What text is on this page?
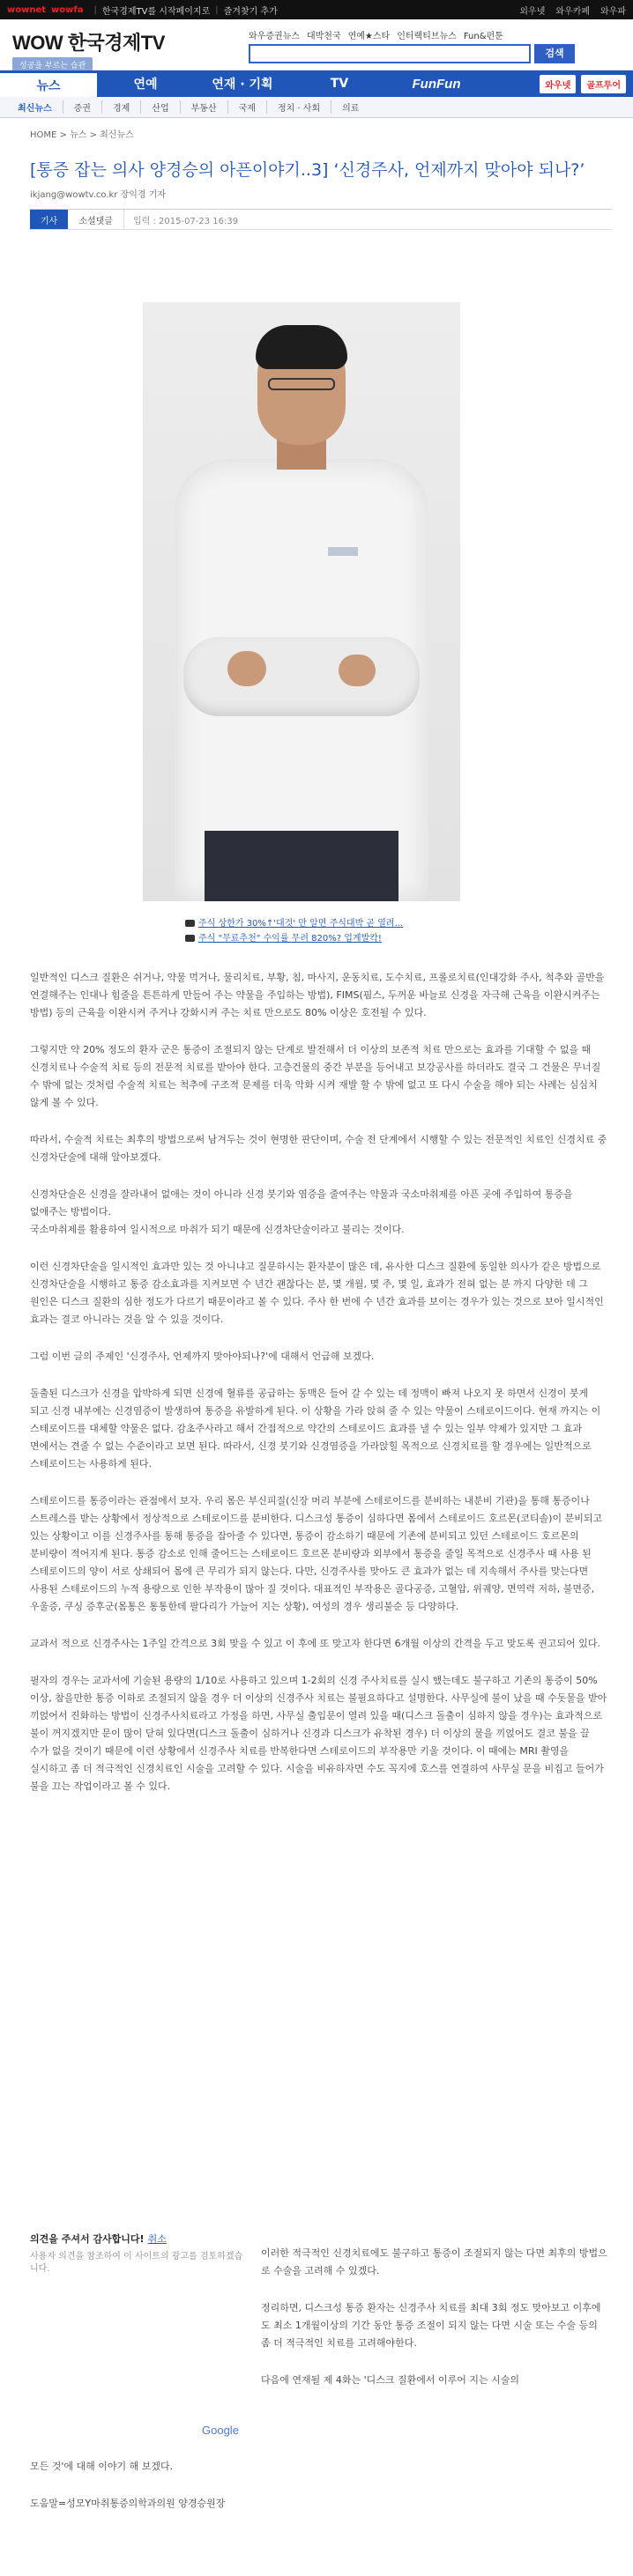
wownet wowfa | 한국경제TV를 시작페이지로 | 즐겨찾기 추가	외우넷 와우카페 와우파
WOW 한국경제TV
성공을 부르는 습관
와우증권뉴스 대박천국 연예★스타 인터랙티브뉴스 Fun&펀툰
검색
뉴스	연예	연재 · 기획	TV	FunFun	와우넷	골프투어
최신뉴스	증권	경제	산업	부동산	국제	정치 · 사회	의료
HOME > 뉴스 > 최신뉴스
[통증 잡는 의사 양경승의 아픈이야기..3] ‘신경주사, 언제까지 맞아야 되나?’
ikjang@wowtv.co.kr 장익경 기자
기사	소셜댓글	입력 : 2015-07-23 16:39
주식 상한가 30%↑'대것' 만 알면 주식대박 곧 열려...
주식 "무료추천" 수익률 무려 820%? 업계발칵!

일반적인 디스크 질환은 쉬거나, 약물 먹거나, 물리치료, 부황, 침, 마사지, 운동치료, 도수치료, 프롤로치료(인대강화 주사, 척추와 골반을 연결해주는 인대나 힘줄을 튼튼하게 만들어 주는 약물을 주입하는 방법), FIMS(핌스, 두꺼운 바늘로 신경을 자극해 근육을 이완시켜주는 방법) 등의 근육을 이완시켜 주거나 강화시켜 주는 치료 만으로도 80% 이상은 호전될 수 있다.

그렇지만 약 20% 정도의 환자 군은 통증이 조절되지 않는 단계로 발전해서 더 이상의 보존적 치료 만으로는 효과를 기대할 수 없을 때 신경치료나 수술적 치료 등의 전문적 치료를 받아야 한다. 고층건물의 중간 부분을 등어내고 보강공사를 하더라도 결국 그 건물은 무너질 수 밖에 없는 것처럼 수술적 치료는 척추에 구조적 문제를 더욱 악화 시켜 재발 할 수 밖에 없고 또 다시 수술을 해야 되는 사례는 심심치 않게 볼 수 있다.

따라서, 수술적 치료는 최후의 방법으로써 남겨두는 것이 현명한 판단이며, 수술 전 단계에서 시행할 수 있는 전문적인 치료인 신경치료 중 신경차단술에 대해 알아보겠다.

신경차단술은 신경을 잘라내어 없애는 것이 아니라 신경 붓기와 염증을 줄여주는 약물과 국소마취제를 아픈 곳에 주입하여 통증을 없애주는 방법이다.
국소마취제를 활용하여 일시적으로 마취가 되기 때문에 신경차단술이라고 불리는 것이다.

이런 신경차단술을 일시적인 효과만 있는 것 아니냐고 질문하시는 환자분이 많은 데, 유사한 디스크 질환에 동일한 의사가 같은 방법으로 신경차단술을 시행하고 통증 감소효과를 지켜보면 수 년간 괜찮다는 분, 몇 개월, 몇 주, 몇 일, 효과가 전혀 없는 분 까지 다양한 데 그 원인은 디스크 질환의 심한 정도가 다르기 때문이라고 볼 수 있다. 주사 한 번에 수 년간 효과를 보이는 경우가 있는 것으로 보아 일시적인 효과는 결코 아니라는 것을 알 수 있을 것이다.

그럼 이번 글의 주제인 '신경주사, 언제까지 맞아야되나?'에 대해서 언급해 보겠다.

돌출된 디스크가 신경을 압박하게 되면 신경에 혈류를 공급하는 동맥은 들어 갈 수 있는 데 정맥이 빠져 나오지 못 하면서 신경이 붓게 되고 신경 내부에는 신경염증이 발생하여 통증을 유발하게 된다. 이 상황을 가라 앉혀 줄 수 있는 약물이 스테로이드이다. 현재 까지는 이 스테로이드를 대체할 약물은 없다. 감초주사라고 해서 간접적으로 약간의 스테로이드 효과를 낼 수 있는 일부 약제가 있지만 그 효과 면에서는 견줄 수 없는 수준이라고 보면 된다. 따라서, 신경 붓기와 신경염증을 가라앉힐 목적으로 신경치료를 할 경우에는 일반적으로 스테로이드는 사용하게 된다.

스테로이드를 통증이라는 관점에서 보자. 우리 몸은 부신피질(신장 머리 부분에 스테로이드를 분비하는 내분비 기관)을 통해 통증이나 스트레스를 받는 상황에서 정상적으로 스테로이드를 분비한다. 디스크성 통증이 심하다면 몸에서 스테로이드 호르몬(코티솔)이 분비되고 있는 상황이고 이를 신경주사를 통해 통증을 잡아줄 수 있다면, 통증이 감소하기 때문에 기존에 분비되고 있던 스테로이드 호르몬의 분비량이 적어지게 된다. 통증 감소로 인해 줄어드는 스테로이드 호르몬 분비량과 외부에서 통증을 줄일 목적으로 신경주사 때 사용 된 스테로이드의 양이 서로 상쇄되어 몸에 큰 무리가 되지 않는다. 다만, 신경주사를 맞아도 큰 효과가 없는 데 지속해서 주사를 맞는다면 사용된 스테로이드의 누적 용량으로 인한 부작용이 많아 질 것이다. 대표적인 부작용은 골다공증, 고혈압, 위궤양, 면역력 저하, 불면증, 우울증, 쿠싱 증후군(몸통은 통통한데 팔다리가 가늘어 지는 상황), 여성의 경우 생리불순 등 다양하다.

교과서 적으로 신경주사는 1주일 간격으로 3회 맞을 수 있고 이 후에 또 맞고자 한다면 6개월 이상의 간격을 두고 맞도록 권고되어 있다.

필자의 경우는 교과서에 기술된 용량의 1/10로 사용하고 있으며 1-2회의 신경 주사치료를 실시 했는데도 불구하고 기존의 통증이 50%이상, 참을만한 통증 이하로 조절되지 않을 경우 더 이상의 신경주사 치료는 불필요하다고 설명한다. 사무실에 불이 났을 때 수돗물을 받아 끼얹어서 진화하는 방법이 신경주사치료라고 가정을 하면, 사무실 출입문이 열려 있을 때(디스크 돌출이 심하지 않을 경우)는 효과적으로 불이 꺼지겠지만 문이 많이 닫혀 있다면(디스크 돌출이 심하거나 신경과 디스크가 유착된 경우) 더 이상의 물을 끼얹어도 결코 불을 끌 수가 없을 것이기 때문에 이런 상황에서 신경주사 치료를 반복한다면 스테로이드의 부작용만 키울 것이다. 이 때에는 MRI 촬영을 실시하고 좀 더 적극적인 신경치료인 시술을 고려할 수 있다. 시술을 비유하자면 수도 꼭지에 호스를 연결하여 사무실 문을 비집고 들어가 불을 끄는 작업이라고 볼 수 있다.

의견을 주셔서 감사합니다! 취소
사용자 의견을 참조하여 이 사이트의 광고를 검토하겠습니다.
Google

이러한 적극적인 신경치료에도 불구하고 통증이 조절되지 않는 다면 최후의 방법으로 수술을 고려해 수 있겠다.

정리하면, 디스크성 통증 환자는 신경주사 치료를 최대 3회 정도 맞아보고 이후에도 최소 1개월이상의 기간 동안 통증 조절이 되지 않는 다면 시술 또는 수술 등의 좀 더 적극적인 치료를 고려해야한다.

다음에 연재될 제 4화는 '디스크 질환에서 이루어 지는 시술의

모든 것'에 대해 이야기 해 보겠다.

도움말=성모Y마취통증의학과의원 양경승원장
